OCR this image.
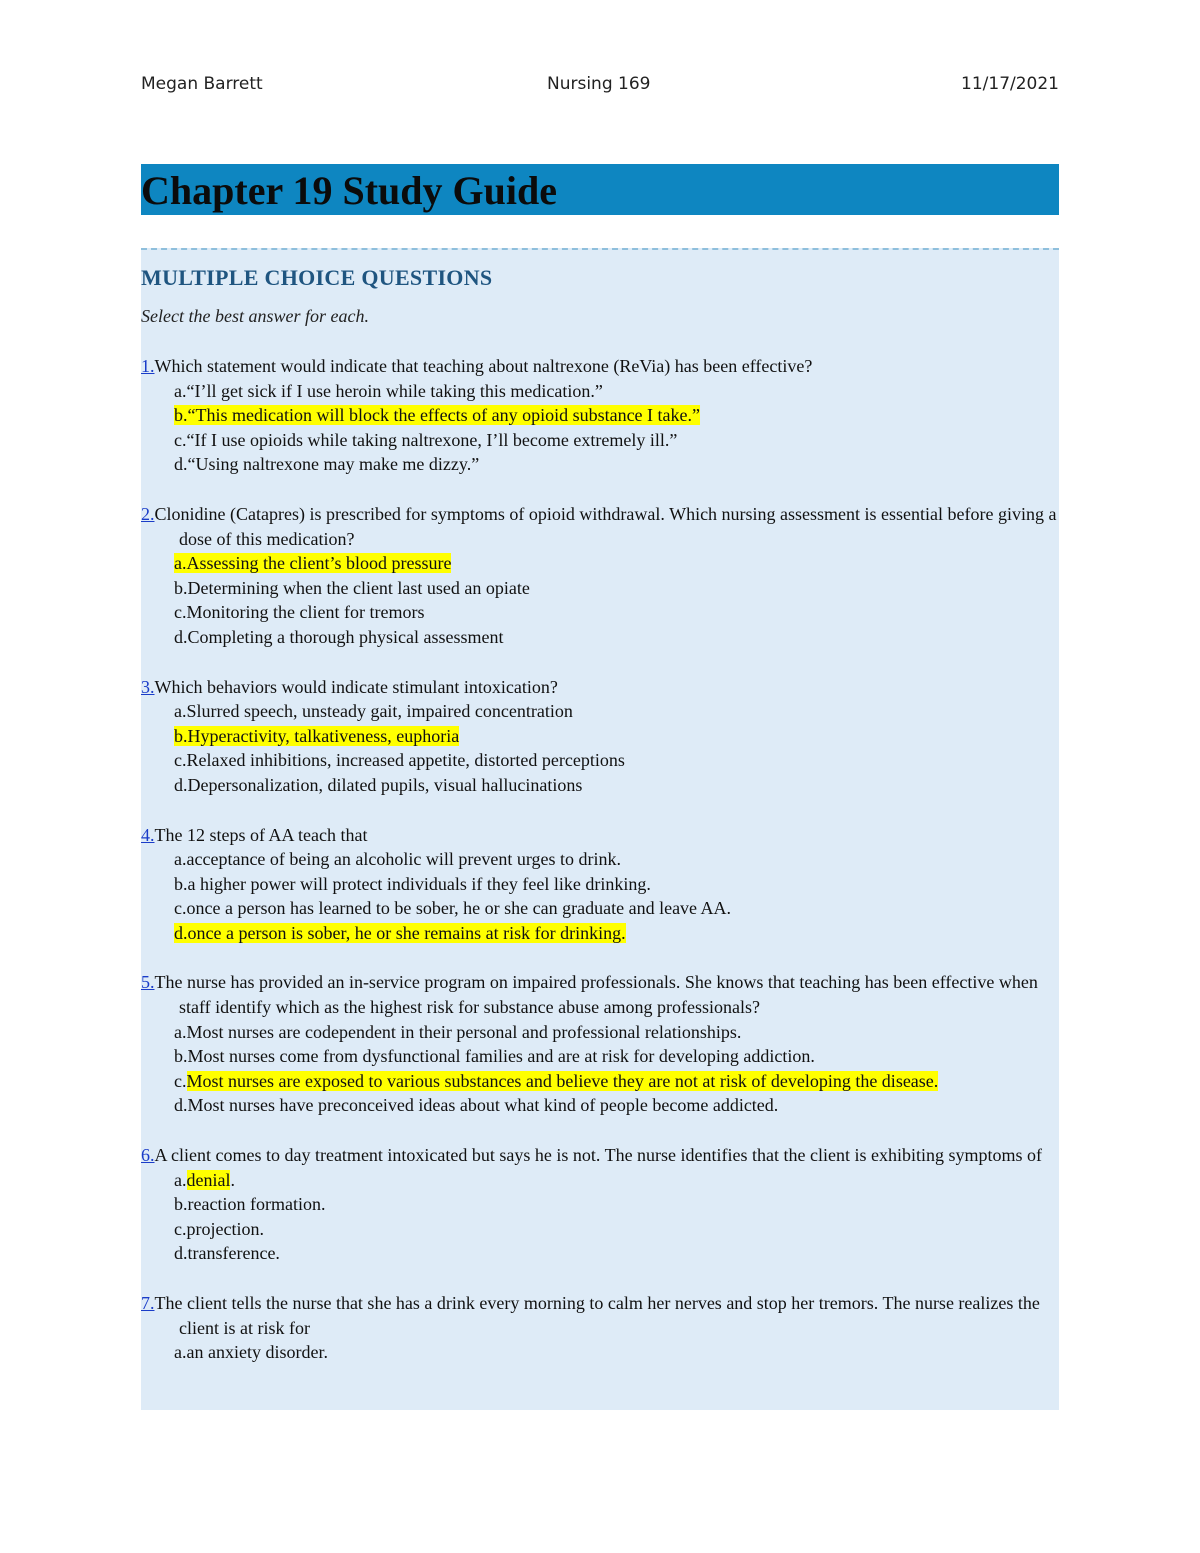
Megan Barrett	Nursing 169	11/17/2021
Chapter 19 Study Guide
MULTIPLE CHOICE QUESTIONS
Select the best answer for each.
1.Which statement would indicate that teaching about naltrexone (ReVia) has been effective?
a.“I’ll get sick if I use heroin while taking this medication.”
b.“This medication will block the effects of any opioid substance I take.”
c.“If I use opioids while taking naltrexone, I’ll become extremely ill.”
d.“Using naltrexone may make me dizzy.”
2.Clonidine (Catapres) is prescribed for symptoms of opioid withdrawal. Which nursing assessment is essential before giving a dose of this medication?
a.Assessing the client’s blood pressure
b.Determining when the client last used an opiate
c.Monitoring the client for tremors
d.Completing a thorough physical assessment
3.Which behaviors would indicate stimulant intoxication?
a.Slurred speech, unsteady gait, impaired concentration
b.Hyperactivity, talkativeness, euphoria
c.Relaxed inhibitions, increased appetite, distorted perceptions
d.Depersonalization, dilated pupils, visual hallucinations
4.The 12 steps of AA teach that
a.acceptance of being an alcoholic will prevent urges to drink.
b.a higher power will protect individuals if they feel like drinking.
c.once a person has learned to be sober, he or she can graduate and leave AA.
d.once a person is sober, he or she remains at risk for drinking.
5.The nurse has provided an in-service program on impaired professionals. She knows that teaching has been effective when staff identify which as the highest risk for substance abuse among professionals?
a.Most nurses are codependent in their personal and professional relationships.
b.Most nurses come from dysfunctional families and are at risk for developing addiction.
c.Most nurses are exposed to various substances and believe they are not at risk of developing the disease.
d.Most nurses have preconceived ideas about what kind of people become addicted.
6.A client comes to day treatment intoxicated but says he is not. The nurse identifies that the client is exhibiting symptoms of
a.denial.
b.reaction formation.
c.projection.
d.transference.
7.The client tells the nurse that she has a drink every morning to calm her nerves and stop her tremors. The nurse realizes the client is at risk for
a.an anxiety disorder.
